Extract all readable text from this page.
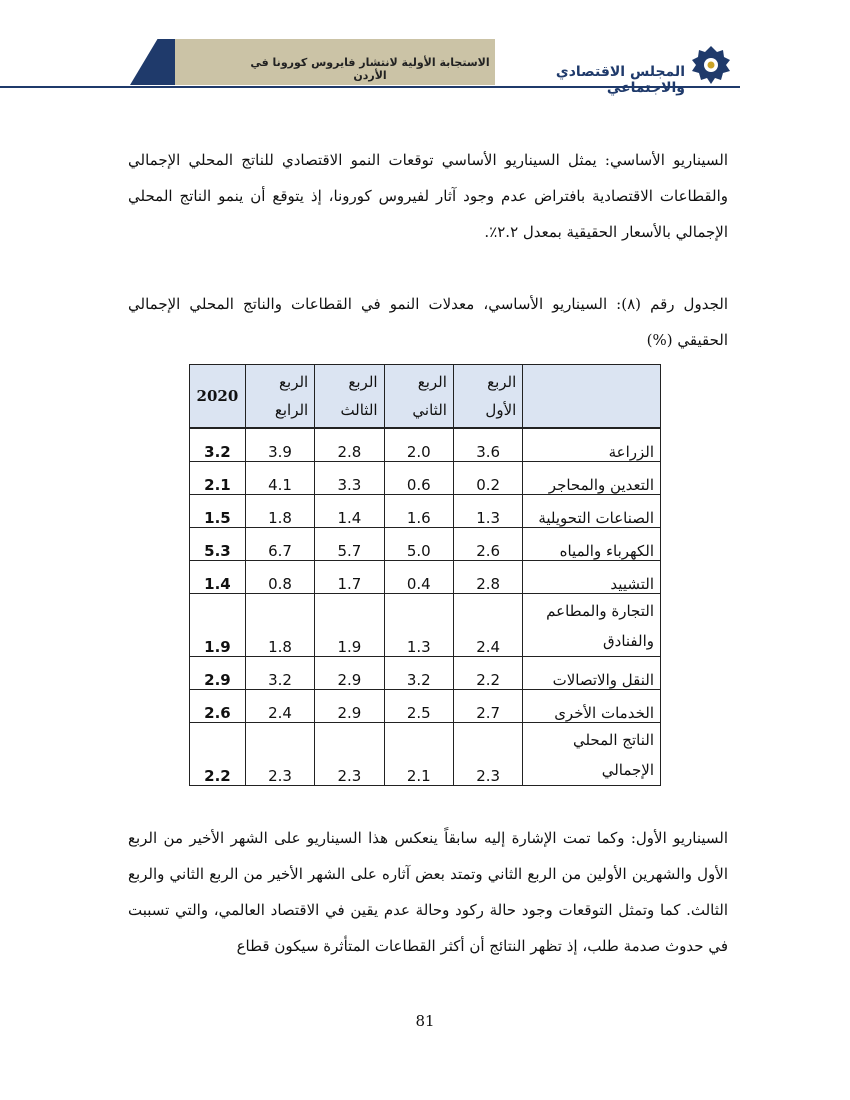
الاستجابة الأولية لانتشار فايروس كورونا في الأردن	المجلس الاقتصادي والاجتماعي
السيناريو الأساسي: يمثل السيناريو الأساسي توقعات النمو الاقتصادي للناتج المحلي الإجمالي والقطاعات الاقتصادية بافتراض عدم وجود آثار لفيروس كورونا، إذ يتوقع أن ينمو الناتج المحلي الإجمالي بالأسعار الحقيقية بمعدل ٢.٢٪.
الجدول رقم (٨): السيناريو الأساسي، معدلات النمو في القطاعات والناتج المحلي الإجمالي الحقيقي (%)
	الربع الأول	الربع الثاني	الربع الثالث	الربع الرابع	2020
الزراعة	3.6	2.0	2.8	3.9	3.2
التعدين والمحاجر	0.2	0.6	3.3	4.1	2.1
الصناعات التحويلية	1.3	1.6	1.4	1.8	1.5
الكهرباء والمياه	2.6	5.0	5.7	6.7	5.3
التشييد	2.8	0.4	1.7	0.8	1.4
التجارة والمطاعم والفنادق	2.4	1.3	1.9	1.8	1.9
النقل والاتصالات	2.2	3.2	2.9	3.2	2.9
الخدمات الأخرى	2.7	2.5	2.9	2.4	2.6
الناتج المحلي الإجمالي	2.3	2.1	2.3	2.3	2.2
السيناريو الأول: وكما تمت الإشارة إليه سابقاً ينعكس هذا السيناريو على الشهر الأخير من الربع الأول والشهرين الأولين من الربع الثاني وتمتد بعض آثاره على الشهر الأخير من الربع الثاني والربع الثالث. كما وتمثل التوقعات وجود حالة ركود وحالة عدم يقين في الاقتصاد العالمي، والتي تسببت في حدوث صدمة طلب، إذ تظهر النتائج أن أكثر القطاعات المتأثرة سيكون قطاع
81
